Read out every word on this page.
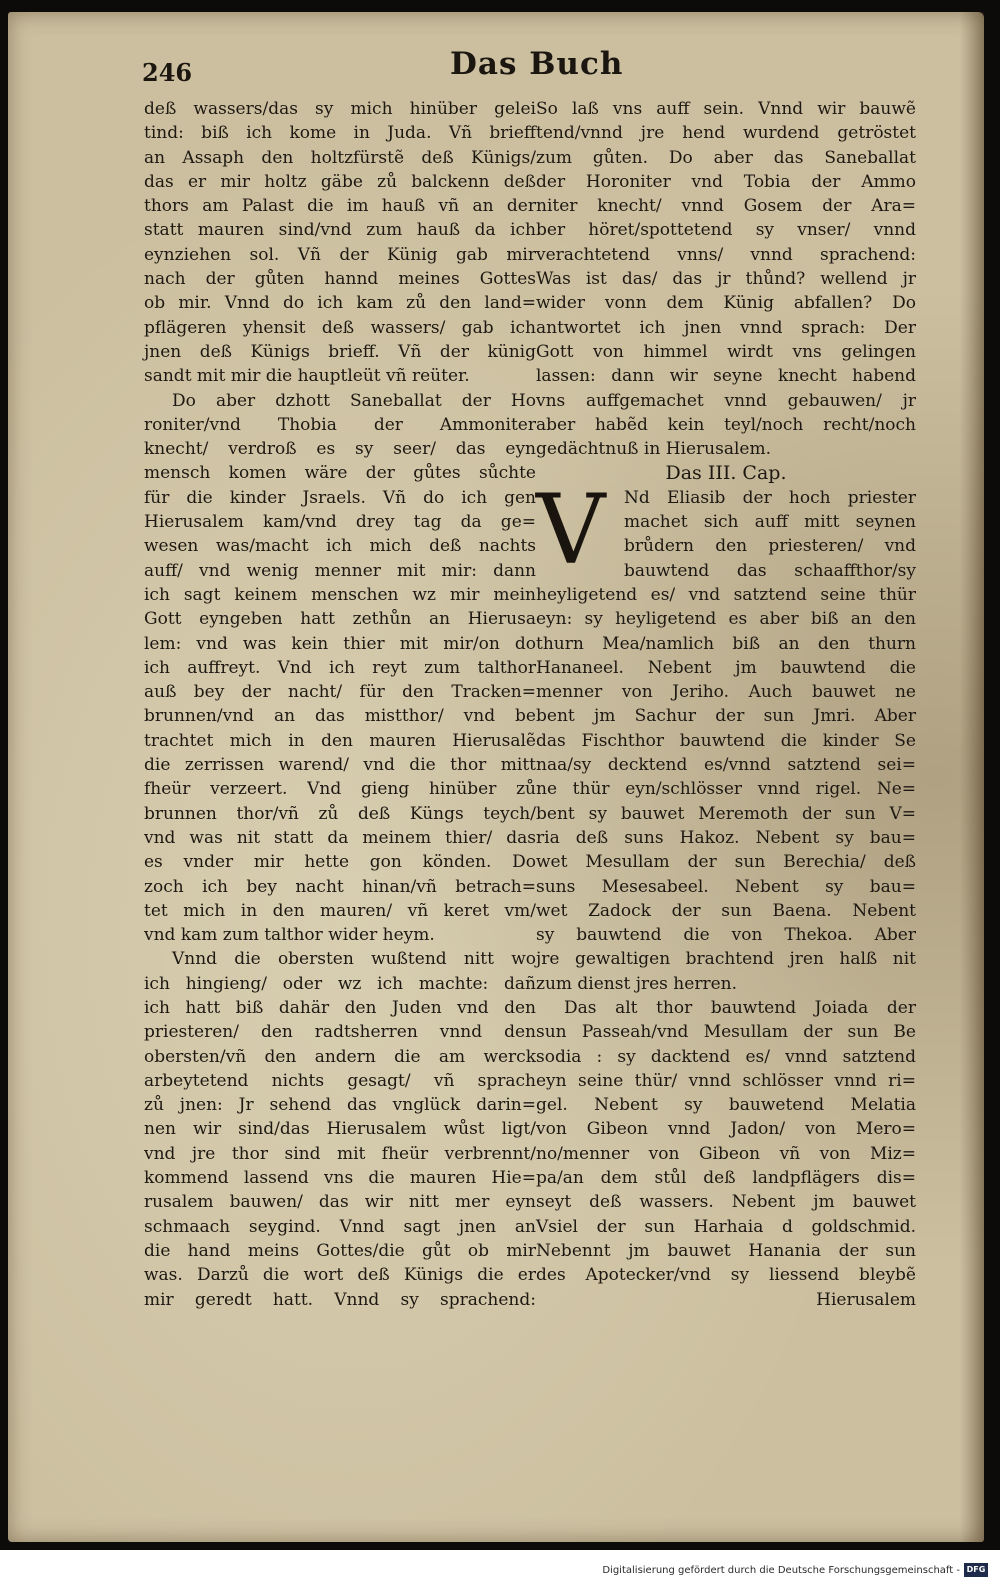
246	Das Buch
deß wassers/das sy mich hinüber gelei
tind: biß ich kome in Juda. Vñ brieff
an Assaph den holtzfürstẽ deß Künigs/
das er mir holtz gäbe zů balckenn deß
thors am Palast die im hauß vñ an der
statt mauren sind/vnd zum hauß da ich
eynziehen sol. Vñ der Künig gab mir
nach der gůten hannd meines Gottes
ob mir. Vnnd do ich kam zů den land=
pflägeren yhensit deß wassers/ gab ich
jnen deß Künigs brieff. Vñ der künig
sandt mit mir die hauptleüt vñ reüter.
Do aber dzhott Saneballat der Ho
roniter/vnd Thobia der Ammoniter
knecht/ verdroß es sy seer/ das eyn
mensch komen wäre der gůtes sůchte
für die kinder Jsraels. Vñ do ich gen
Hierusalem kam/vnd drey tag da ge=
wesen was/macht ich mich deß nachts
auff/ vnd wenig menner mit mir: dann
ich sagt keinem menschen wz mir mein
Gott eyngeben hatt zethůn an Hierusa
lem: vnd was kein thier mit mir/on do
ich auffreyt. Vnd ich reyt zum talthor
auß bey der nacht/ für den Tracken=
brunnen/vnd an das mistthor/ vnd be
trachtet mich in den mauren Hierusalẽ
die zerrissen warend/ vnd die thor mitt
fheür verzeert. Vnd gieng hinüber zů
brunnen thor/vñ zů deß Küngs teych/
vnd was nit statt da meinem thier/ das
es vnder mir hette gon könden. Do
zoch ich bey nacht hinan/vñ betrach=
tet mich in den mauren/ vñ keret vm/
vnd kam zum talthor wider heym.
Vnnd die obersten wußtend nitt wo
ich hingieng/ oder wz ich machte: dañ
ich hatt biß dahär den Juden vnd den
priesteren/ den radtsherren vnnd den
obersten/vñ den andern die am werck
arbeytetend nichts gesagt/ vñ sprach
zů jnen: Jr sehend das vnglück darin=
nen wir sind/das Hierusalem wůst ligt/
vnd jre thor sind mit fheür verbrennt/
kommend lassend vns die mauren Hie=
rusalem bauwen/ das wir nitt mer eyn
schmaach seygind. Vnnd sagt jnen an
die hand meins Gottes/die gůt ob mir
was. Darzů die wort deß Künigs die er
mir geredt hatt. Vnnd sy sprachend:
So laß vns auff sein. Vnnd wir bauwẽ
tend/vnnd jre hend wurdend getröstet
zum gůten. Do aber das Saneballat
der Horoniter vnd Tobia der Ammo
niter knecht/ vnnd Gosem der Ara=
ber höret/spottetend sy vnser/ vnnd
verachtetend vnns/ vnnd sprachend:
Was ist das/ das jr thůnd? wellend jr
wider vonn dem Künig abfallen? Do
antwortet ich jnen vnnd sprach: Der
Gott von himmel wirdt vns gelingen
lassen: dann wir seyne knecht habend
vns auffgemachet vnnd gebauwen/ jr
aber habẽd kein teyl/noch recht/noch
gedächtnuß in Hierusalem.
Das III. Cap.
V	Nd Eliasib der hoch priester
machet sich auff mitt seynen
brůdern den priesteren/ vnd
bauwtend das schaaffthor/sy
heyligetend es/ vnd satztend seine thür
eyn: sy heyligetend es aber biß an den
thurn Mea/namlich biß an den thurn
Hananeel. Nebent jm bauwtend die
menner von Jeriho. Auch bauwet ne
bent jm Sachur der sun Jmri. Aber
das Fischthor bauwtend die kinder Se
naa/sy decktend es/vnnd satztend sei=
ne thür eyn/schlösser vnnd rigel. Ne=
bent sy bauwet Meremoth der sun V=
ria deß suns Hakoz. Nebent sy bau=
wet Mesullam der sun Berechia/ deß
suns Mesesabeel. Nebent sy bau=
wet Zadock der sun Baena. Nebent
sy bauwtend die von Thekoa. Aber
jre gewaltigen brachtend jren halß nit
zum dienst jres herren.
Das alt thor bauwtend Joiada der
sun Passeah/vnd Mesullam der sun Be
sodia : sy dacktend es/ vnnd satztend
eyn seine thür/ vnnd schlösser vnnd ri=
gel. Nebent sy bauwetend Melatia
von Gibeon vnnd Jadon/ von Mero=
no/menner von Gibeon vñ von Miz=
pa/an dem stůl deß landpflägers dis=
seyt deß wassers. Nebent jm bauwet
Vsiel der sun Harhaia d goldschmid.
Nebennt jm bauwet Hanania der sun
des Apotecker/vnd sy liessend bleybẽ
Hierusalem
Digitalisierung gefördert durch die Deutsche Forschungsgemeinschaft - DFG
